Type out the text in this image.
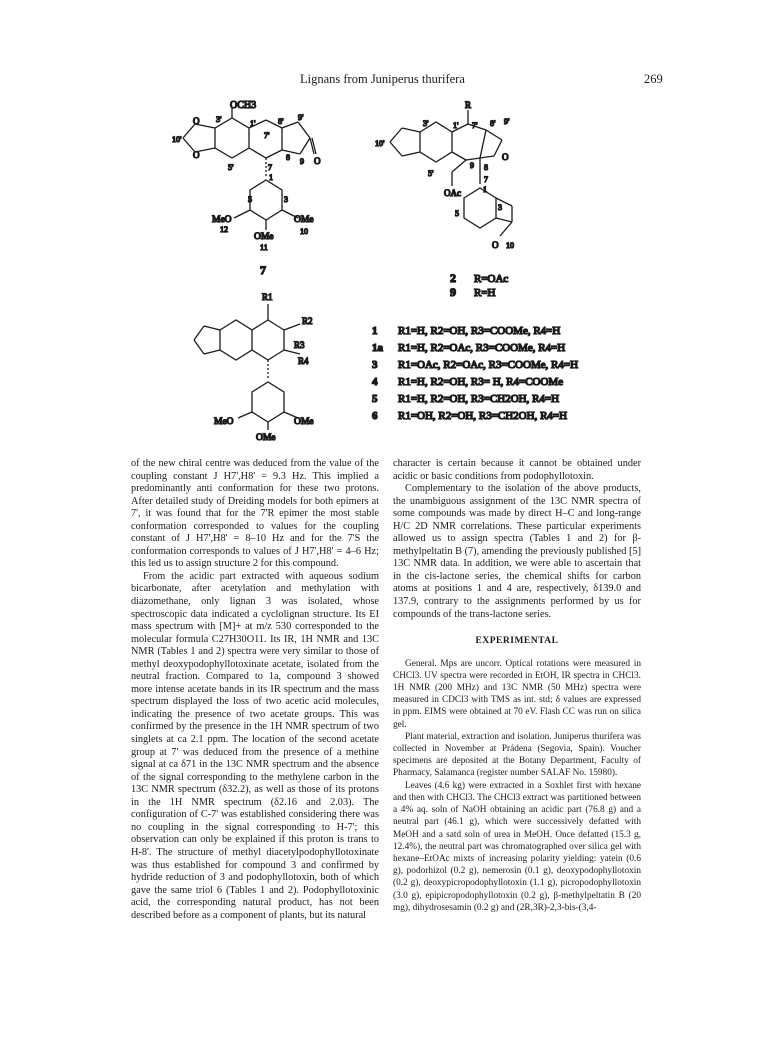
Lignans from Juniperus thurifera	269
OCH3
3'	1'	8' 9'
10'	7'
5'	7
8 9
O
O
O
1
5	3
MeO
12
OMe
OMe
10
11
7
R
3'	1' 7' 8' 9'
10'
5'
O
9 8
7
OAc	1
5
3
O 10
2 R=OAc
9 R=H
R1
R2
R3
R4
MeO	OMe
OMe
1 R1=H, R2=OH, R3=COOMe, R4=H
1a R1=H, R2=OAc, R3=COOMe, R4=H
3 R1=OAc, R2=OAc, R3=COOMe, R4=H
4 R1=H, R2=OH, R3= H, R4=COOMe
5 R1=H, R2=OH, R3=CH2OH, R4=H
6 R1=OH, R2=OH, R3=CH2OH, R4=H

of the new chiral centre was deduced from the value of the coupling constant J H7',H8' = 9.3 Hz. This implied a predominantly anti conformation for these two protons. After detailed study of Dreiding models for both epimers at 7', it was found that for the 7'R epimer the most stable conformation corresponded to values for the coupling constant of J H7',H8' = 8–10 Hz and for the 7'S the conformation corresponds to values of J H7',H8' = 4–6 Hz; this led us to assign structure 2 for this compound.

From the acidic part extracted with aqueous sodium bicarbonate, after acetylation and methylation with diazomethane, only lignan 3 was isolated, whose spectroscopic data indicated a cyclolignan structure. Its EI mass spectrum with [M]+ at m/z 530 corresponded to the molecular formula C27H30O11. Its IR, 1H NMR and 13C NMR (Tables 1 and 2) spectra were very similar to those of methyl deoxypodophyllotoxinate acetate, isolated from the neutral fraction. Compared to 1a, compound 3 showed more intense acetate bands in its IR spectrum and the mass spectrum displayed the loss of two acetic acid molecules, indicating the presence of two acetate groups. This was confirmed by the presence in the 1H NMR spectrum of two singlets at ca 2.1 ppm. The location of the second acetate group at 7' was deduced from the presence of a methine signal at ca δ71 in the 13C NMR spectrum and the absence of the signal corresponding to the methylene carbon in the 13C NMR spectrum (δ32.2), as well as those of its protons in the 1H NMR spectrum (δ2.16 and 2.03). The configuration of C-7' was established considering there was no coupling in the signal corresponding to H-7'; this observation can only be explained if this proton is trans to H-8'. The structure of methyl diacetylpodophyllotoxinate was thus established for compound 3 and confirmed by hydride reduction of 3 and podophyllotoxin, both of which gave the same triol 6 (Tables 1 and 2). Podophyllotoxinic acid, the corresponding natural product, has not been described before as a component of plants, but its natural

character is certain because it cannot be obtained under acidic or basic conditions from podophyllotoxin.

Complementary to the isolation of the above products, the unambiguous assignment of the 13C NMR spectra of some compounds was made by direct H–C and long-range H/C 2D NMR correlations. These particular experiments allowed us to assign spectra (Tables 1 and 2) for β-methylpeltatin B (7), amending the previously published [5] 13C NMR data. In addition, we were able to ascertain that in the cis-lactone series, the chemical shifts for carbon atoms at positions 1 and 4 are, respectively, δ139.0 and 137.9, contrary to the assignments performed by us for compounds of the trans-lactone series.

EXPERIMENTAL

General. Mps are uncorr. Optical rotations were measured in CHCl3. UV spectra were recorded in EtOH, IR spectra in CHCl3. 1H NMR (200 MHz) and 13C NMR (50 MHz) spectra were measured in CDCl3 with TMS as int. std; δ values are expressed in ppm. EIMS were obtained at 70 eV. Flash CC was run on silica gel.

Plant material, extraction and isolation. Juniperus thurifera was collected in November at Prádena (Segovia, Spain). Voucher specimens are deposited at the Botany Department, Faculty of Pharmacy, Salamanca (register number SALAF No. 15980).

Leaves (4.6 kg) were extracted in a Soxhlet first with hexane and then with CHCl3. The CHCl3 extract was partitioned between a 4% aq. soln of NaOH obtaining an acidic part (76.8 g) and a neutral part (46.1 g), which were successively defatted with MeOH and a satd soln of urea in MeOH. Once defatted (15.3 g, 12.4%), the neutral part was chromatographed over silica gel with hexane–EtOAc mixts of increasing polarity yielding: yatein (0.6 g), podorhizol (0.2 g), nemerosin (0.1 g), deoxypodophyllotoxin (0.2 g), deoxypicropodophyllotoxin (1.1 g), picropodophyllotoxin (3.0 g), epipicropodophyllotoxin (0.2 g), β-methylpeltatin B (20 mg), dihydrosesamin (0.2 g) and (2R,3R)-2,3-bis-(3,4-
